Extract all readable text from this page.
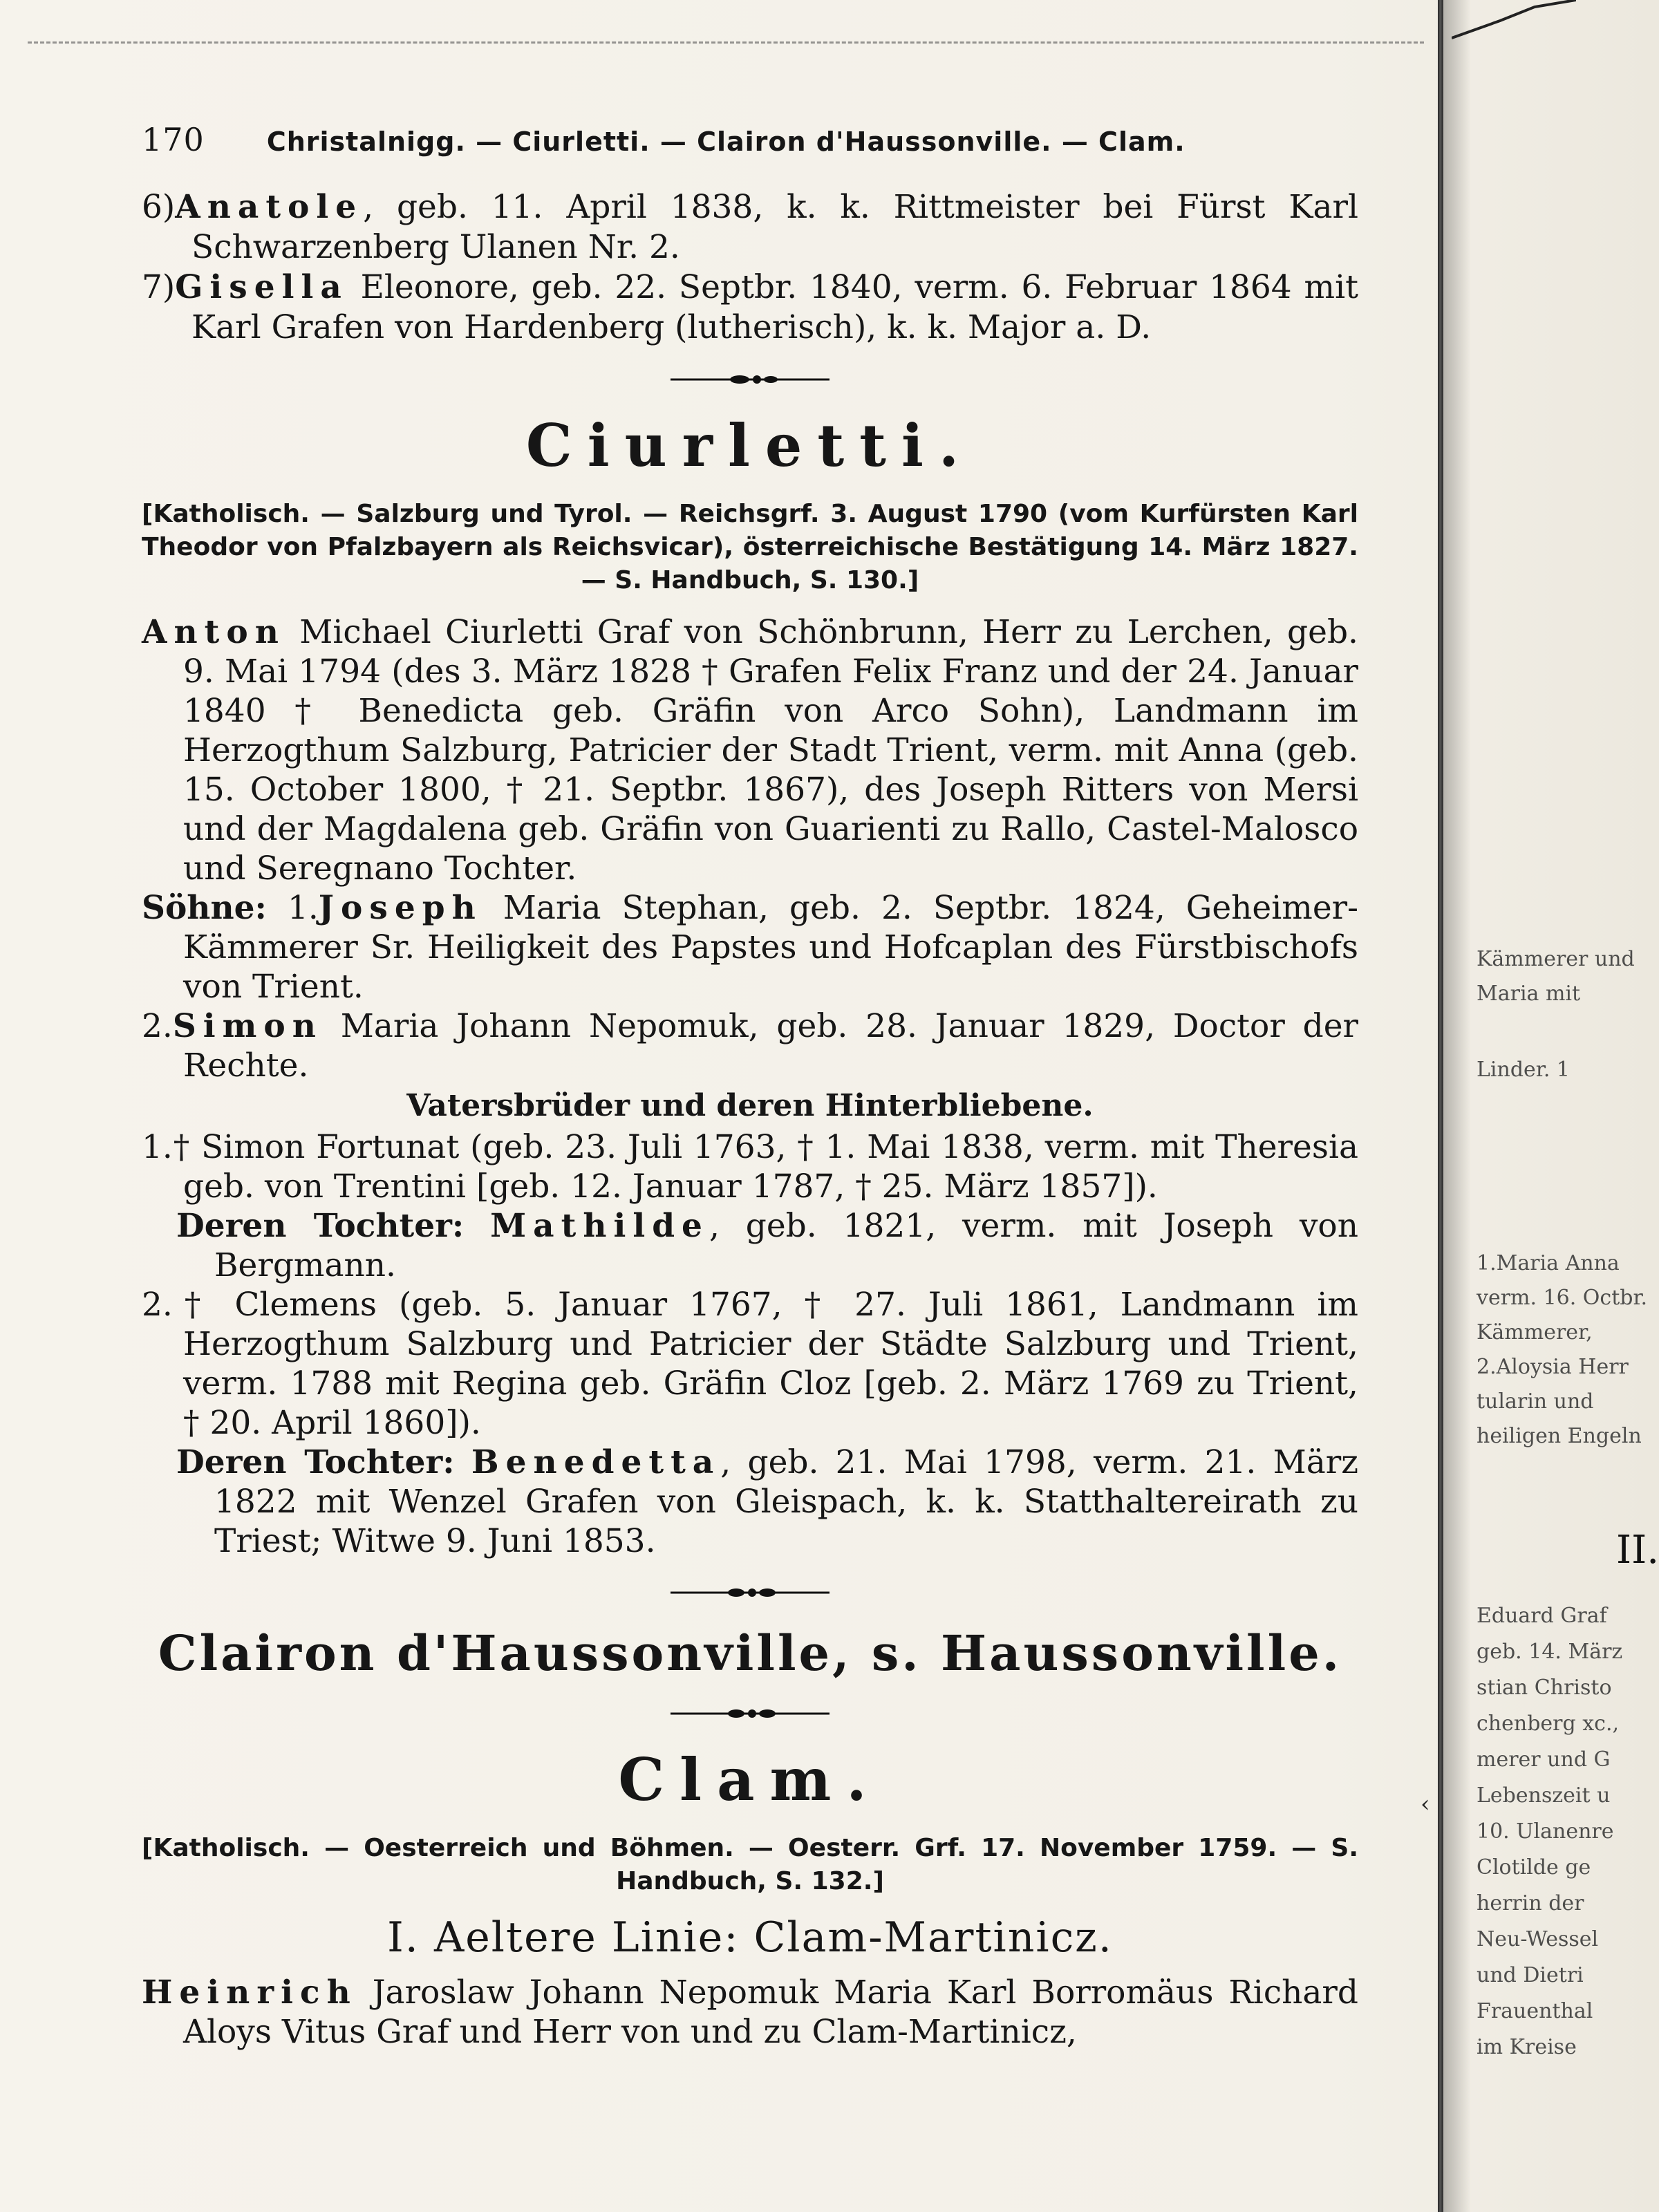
170 Christalnigg. — Ciurletti. — Clairon d'Haussonville. — Clam.

6)Anatole, geb. 11. April 1838, k. k. Rittmeister bei Fürst Karl Schwarzenberg Ulanen Nr. 2.

7)Gisella Eleonore, geb. 22. Septbr. 1840, verm. 6. Februar 1864 mit Karl Grafen von Hardenberg (lutherisch), k. k. Major a. D.

Ciurletti.

[Katholisch. — Salzburg und Tyrol. — Reichsgrf. 3. August 1790 (vom Kurfürsten Karl Theodor von Pfalzbayern als Reichsvicar), österreichische Bestätigung 14. März 1827. — S. Handbuch, S. 130.]

Anton Michael Ciurletti Graf von Schönbrunn, Herr zu Lerchen, geb. 9. Mai 1794 (des 3. März 1828 † Grafen Felix Franz und der 24. Januar 1840 † Benedicta geb. Gräfin von Arco Sohn), Landmann im Herzogthum Salzburg, Patricier der Stadt Trient, verm. mit Anna (geb. 15. October 1800, † 21. Septbr. 1867), des Joseph Ritters von Mersi und der Magdalena geb. Gräfin von Guarienti zu Rallo, Castel-Malosco und Seregnano Tochter.

Söhne: 1.Joseph Maria Stephan, geb. 2. Septbr. 1824, Geheimer-Kämmerer Sr. Heiligkeit des Papstes und Hofcaplan des Fürstbischofs von Trient.

2.Simon Maria Johann Nepomuk, geb. 28. Januar 1829, Doctor der Rechte.

Vatersbrüder und deren Hinterbliebene.

1.† Simon Fortunat (geb. 23. Juli 1763, † 1. Mai 1838, verm. mit Theresia geb. von Trentini [geb. 12. Januar 1787, † 25. März 1857]).

Deren Tochter: Mathilde, geb. 1821, verm. mit Joseph von Bergmann.

2.† Clemens (geb. 5. Januar 1767, † 27. Juli 1861, Landmann im Herzogthum Salzburg und Patricier der Städte Salzburg und Trient, verm. 1788 mit Regina geb. Gräfin Cloz [geb. 2. März 1769 zu Trient, † 20. April 1860]).

Deren Tochter: Benedetta, geb. 21. Mai 1798, verm. 21. März 1822 mit Wenzel Grafen von Gleispach, k. k. Statthaltereirath zu Triest; Witwe 9. Juni 1853.

Clairon d'Haussonville, s. Haussonville.
Clam.

[Katholisch. — Oesterreich und Böhmen. — Oesterr. Grf. 17. November 1759. — S. Handbuch, S. 132.]

I. Aeltere Linie: Clam-Martinicz.

Heinrich Jaroslaw Johann Nepomuk Maria Karl Borromäus Richard Aloys Vitus Graf und Herr von und zu Clam-Martinicz,

‹
Kämmerer und
Maria mit
Linder. 1
1.Maria Anna
verm. 16. Octbr.
Kämmerer,
2.Aloysia Herr
tularin und
heiligen Engeln
II.
Eduard Graf
geb. 14. März
stian Christo
chenberg xc.,
merer und G
Lebenszeit u
10. Ulanenre
Clotilde ge
herrin der
Neu-Wessel
und Dietri
Frauenthal
im Kreise
